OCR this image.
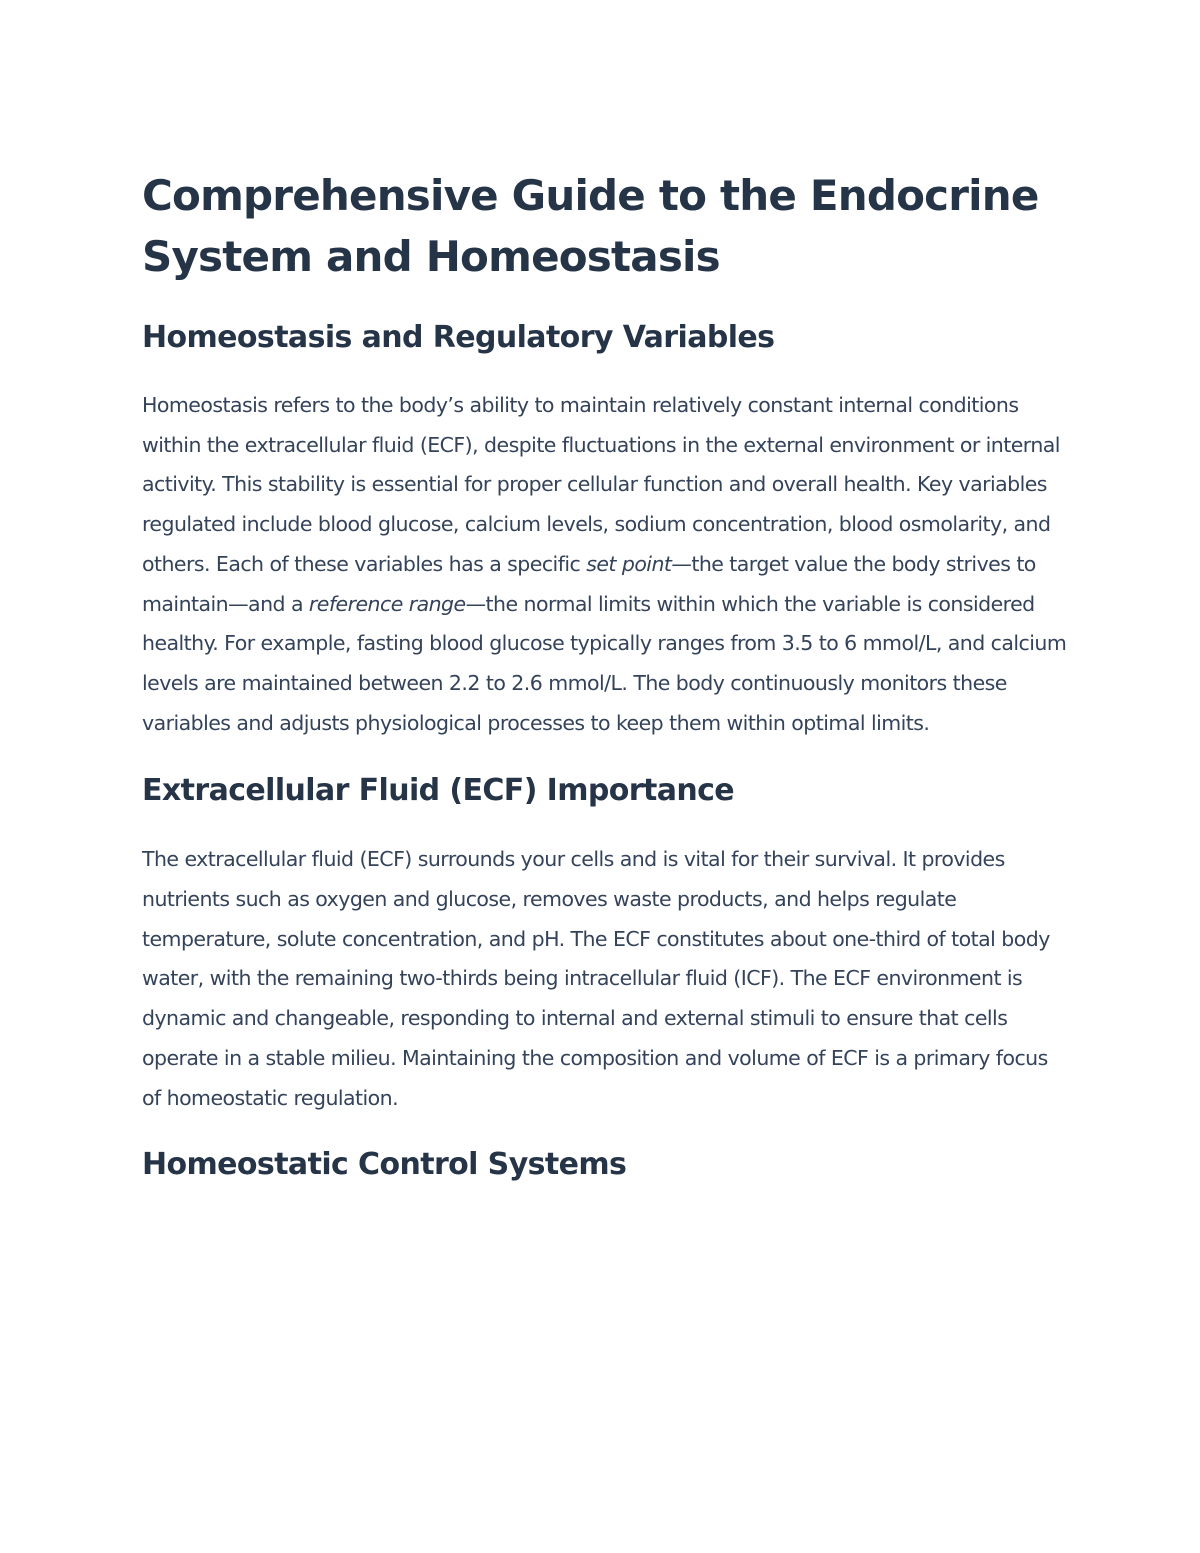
Comprehensive Guide to the Endocrine System and Homeostasis
Homeostasis and Regulatory Variables

Homeostasis refers to the body’s ability to maintain relatively constant internal conditions within the extracellular fluid (ECF), despite fluctuations in the external environment or internal activity. This stability is essential for proper cellular function and overall health. Key variables regulated include blood glucose, calcium levels, sodium concentration, blood osmolarity, and others. Each of these variables has a specific set point—the target value the body strives to maintain—and a reference range—the normal limits within which the variable is considered healthy. For example, fasting blood glucose typically ranges from 3.5 to 6 mmol/L, and calcium levels are maintained between 2.2 to 2.6 mmol/L. The body continuously monitors these variables and adjusts physiological processes to keep them within optimal limits.

Extracellular Fluid (ECF) Importance

The extracellular fluid (ECF) surrounds your cells and is vital for their survival. It provides nutrients such as oxygen and glucose, removes waste products, and helps regulate temperature, solute concentration, and pH. The ECF constitutes about one-third of total body water, with the remaining two-thirds being intracellular fluid (ICF). The ECF environment is dynamic and changeable, responding to internal and external stimuli to ensure that cells operate in a stable milieu. Maintaining the composition and volume of ECF is a primary focus of homeostatic regulation.

Homeostatic Control Systems
